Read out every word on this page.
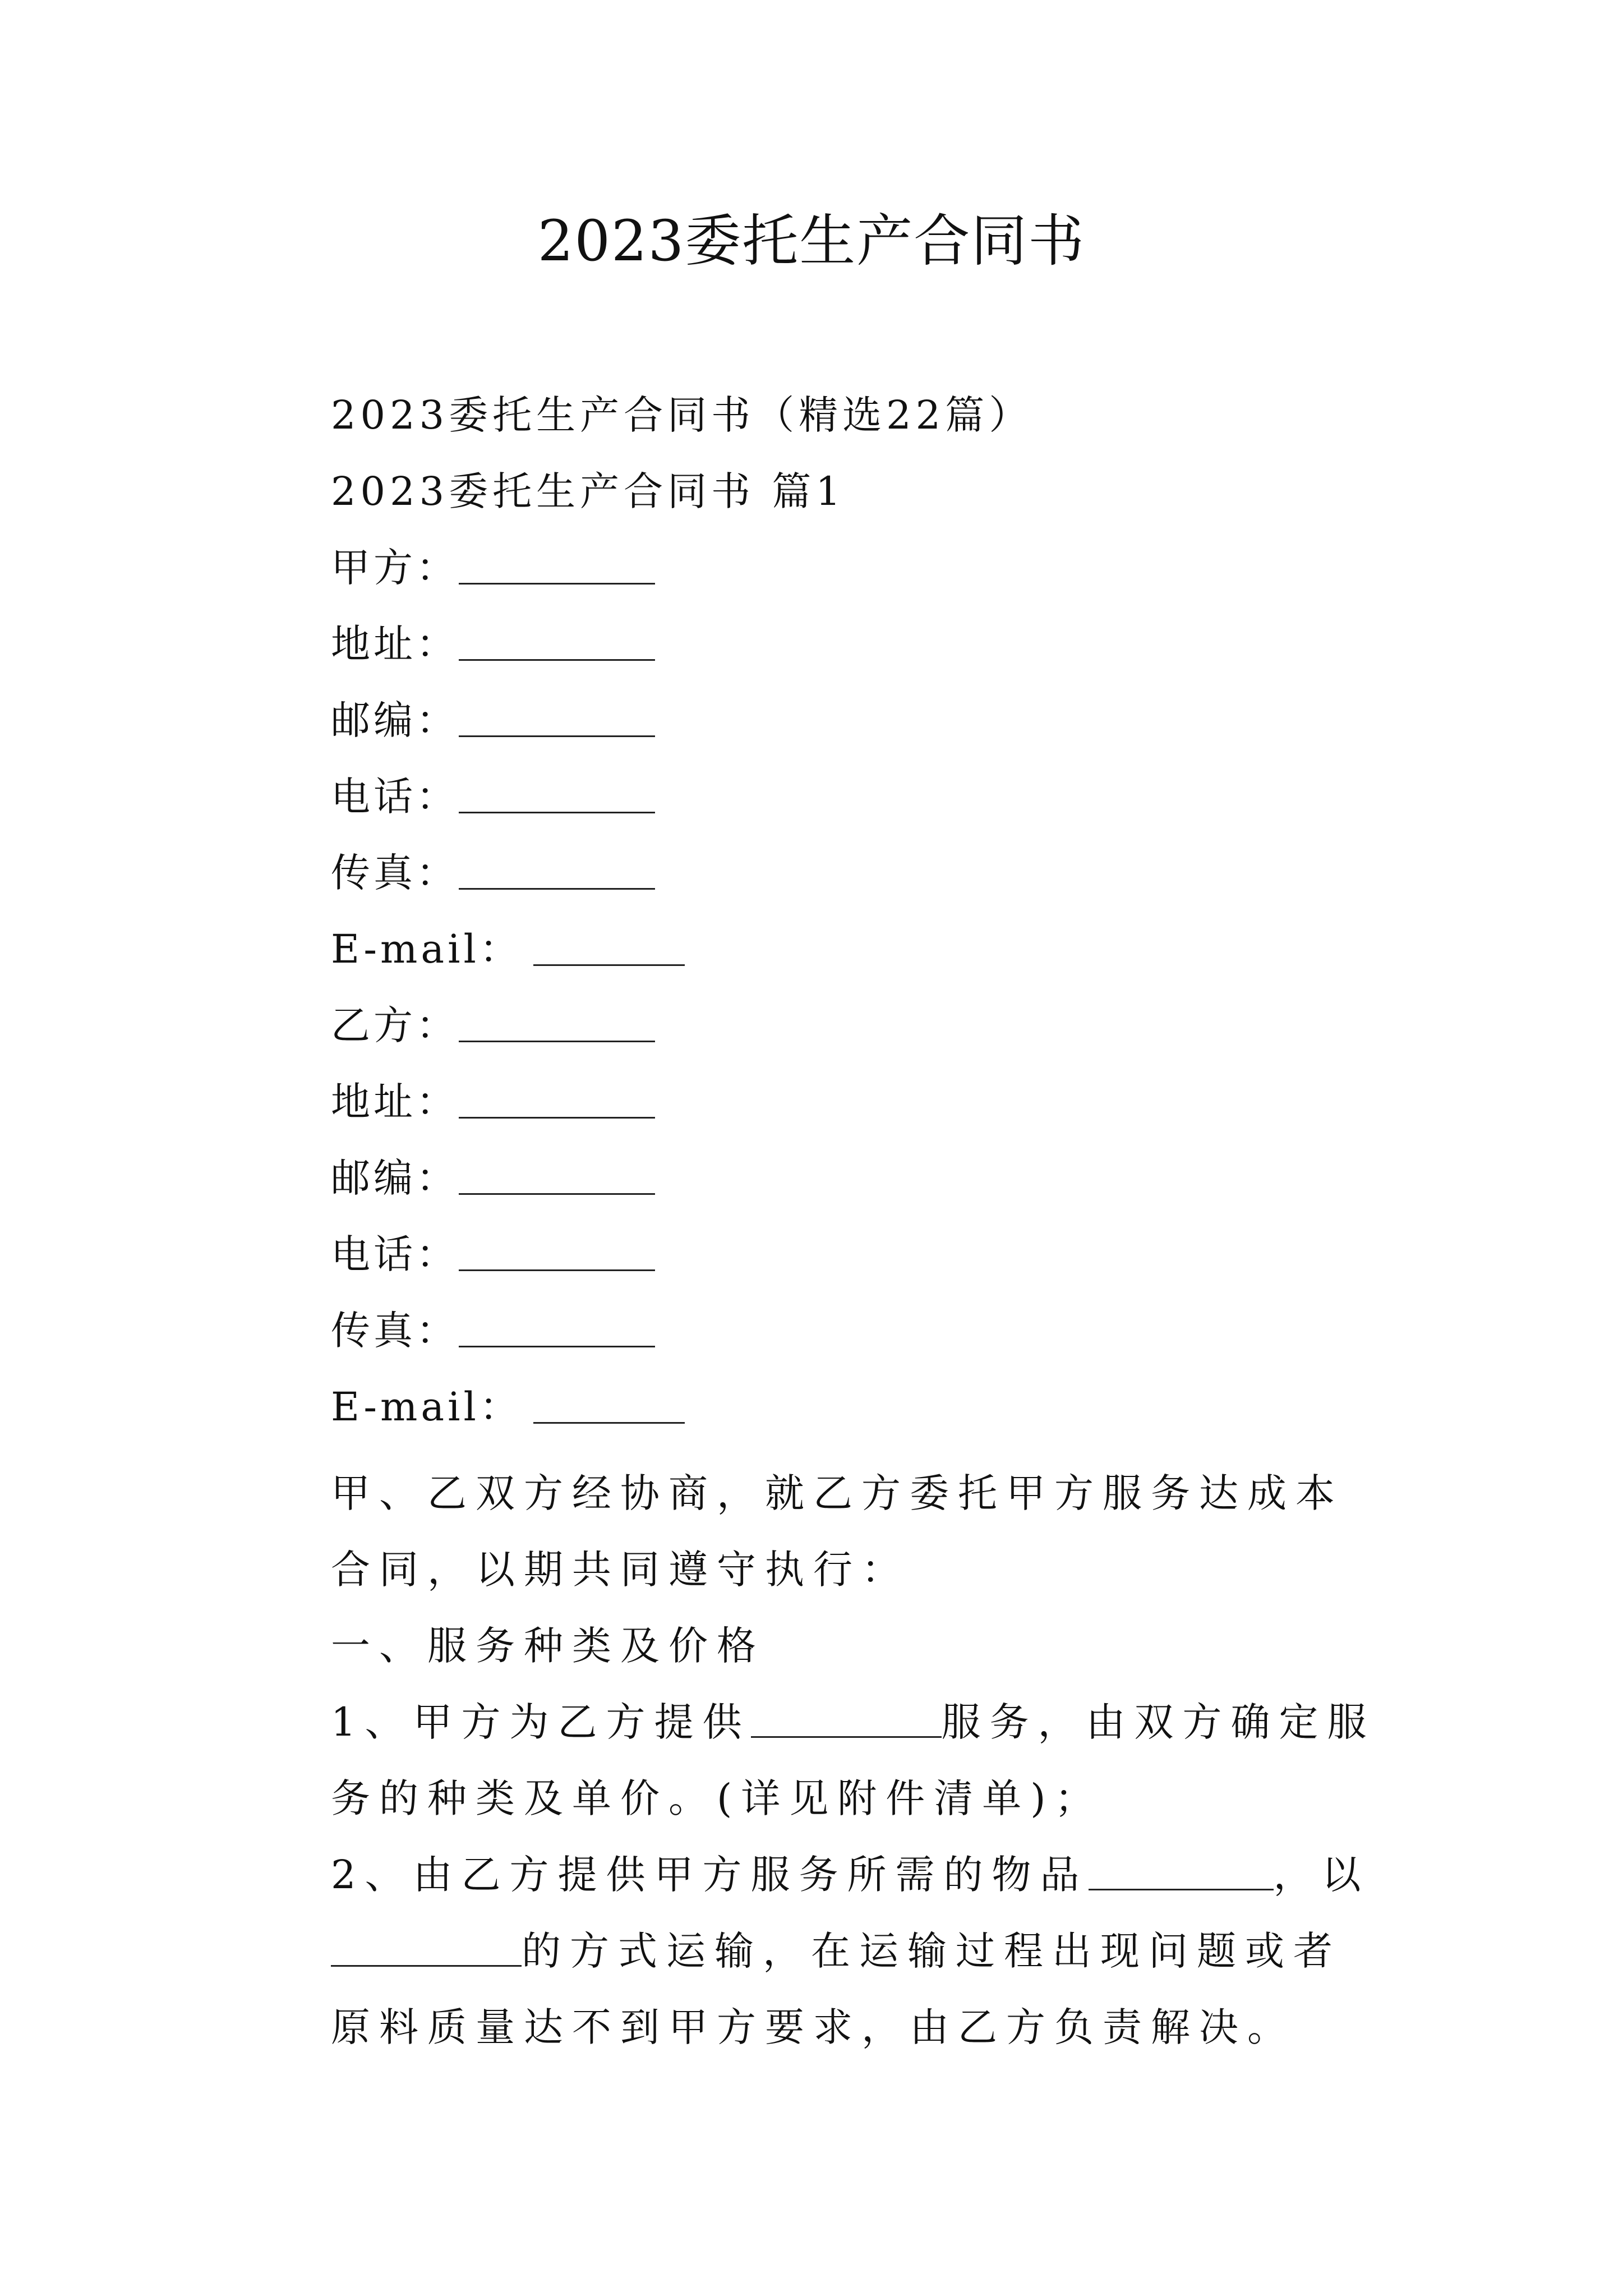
2023委托生产合同书
2023委托生产合同书（精选22篇）
2023委托生产合同书 篇1
甲方：
地址：
邮编：
电话：
传真：
E-mail：
乙方：
地址：
邮编：
电话：
传真：
E-mail：
甲、乙双方经协商，就乙方委托甲方服务达成本合同，以期共同遵守执行：
一、服务种类及价格
1、甲方为乙方提供	服务，由双方确定服务的种类及单价。(详见附件清单)；
2、由乙方提供甲方服务所需的物品	，以的方式运输，在运输过程出现问题或者原料质量达不到甲方要求，由乙方负责解决。
